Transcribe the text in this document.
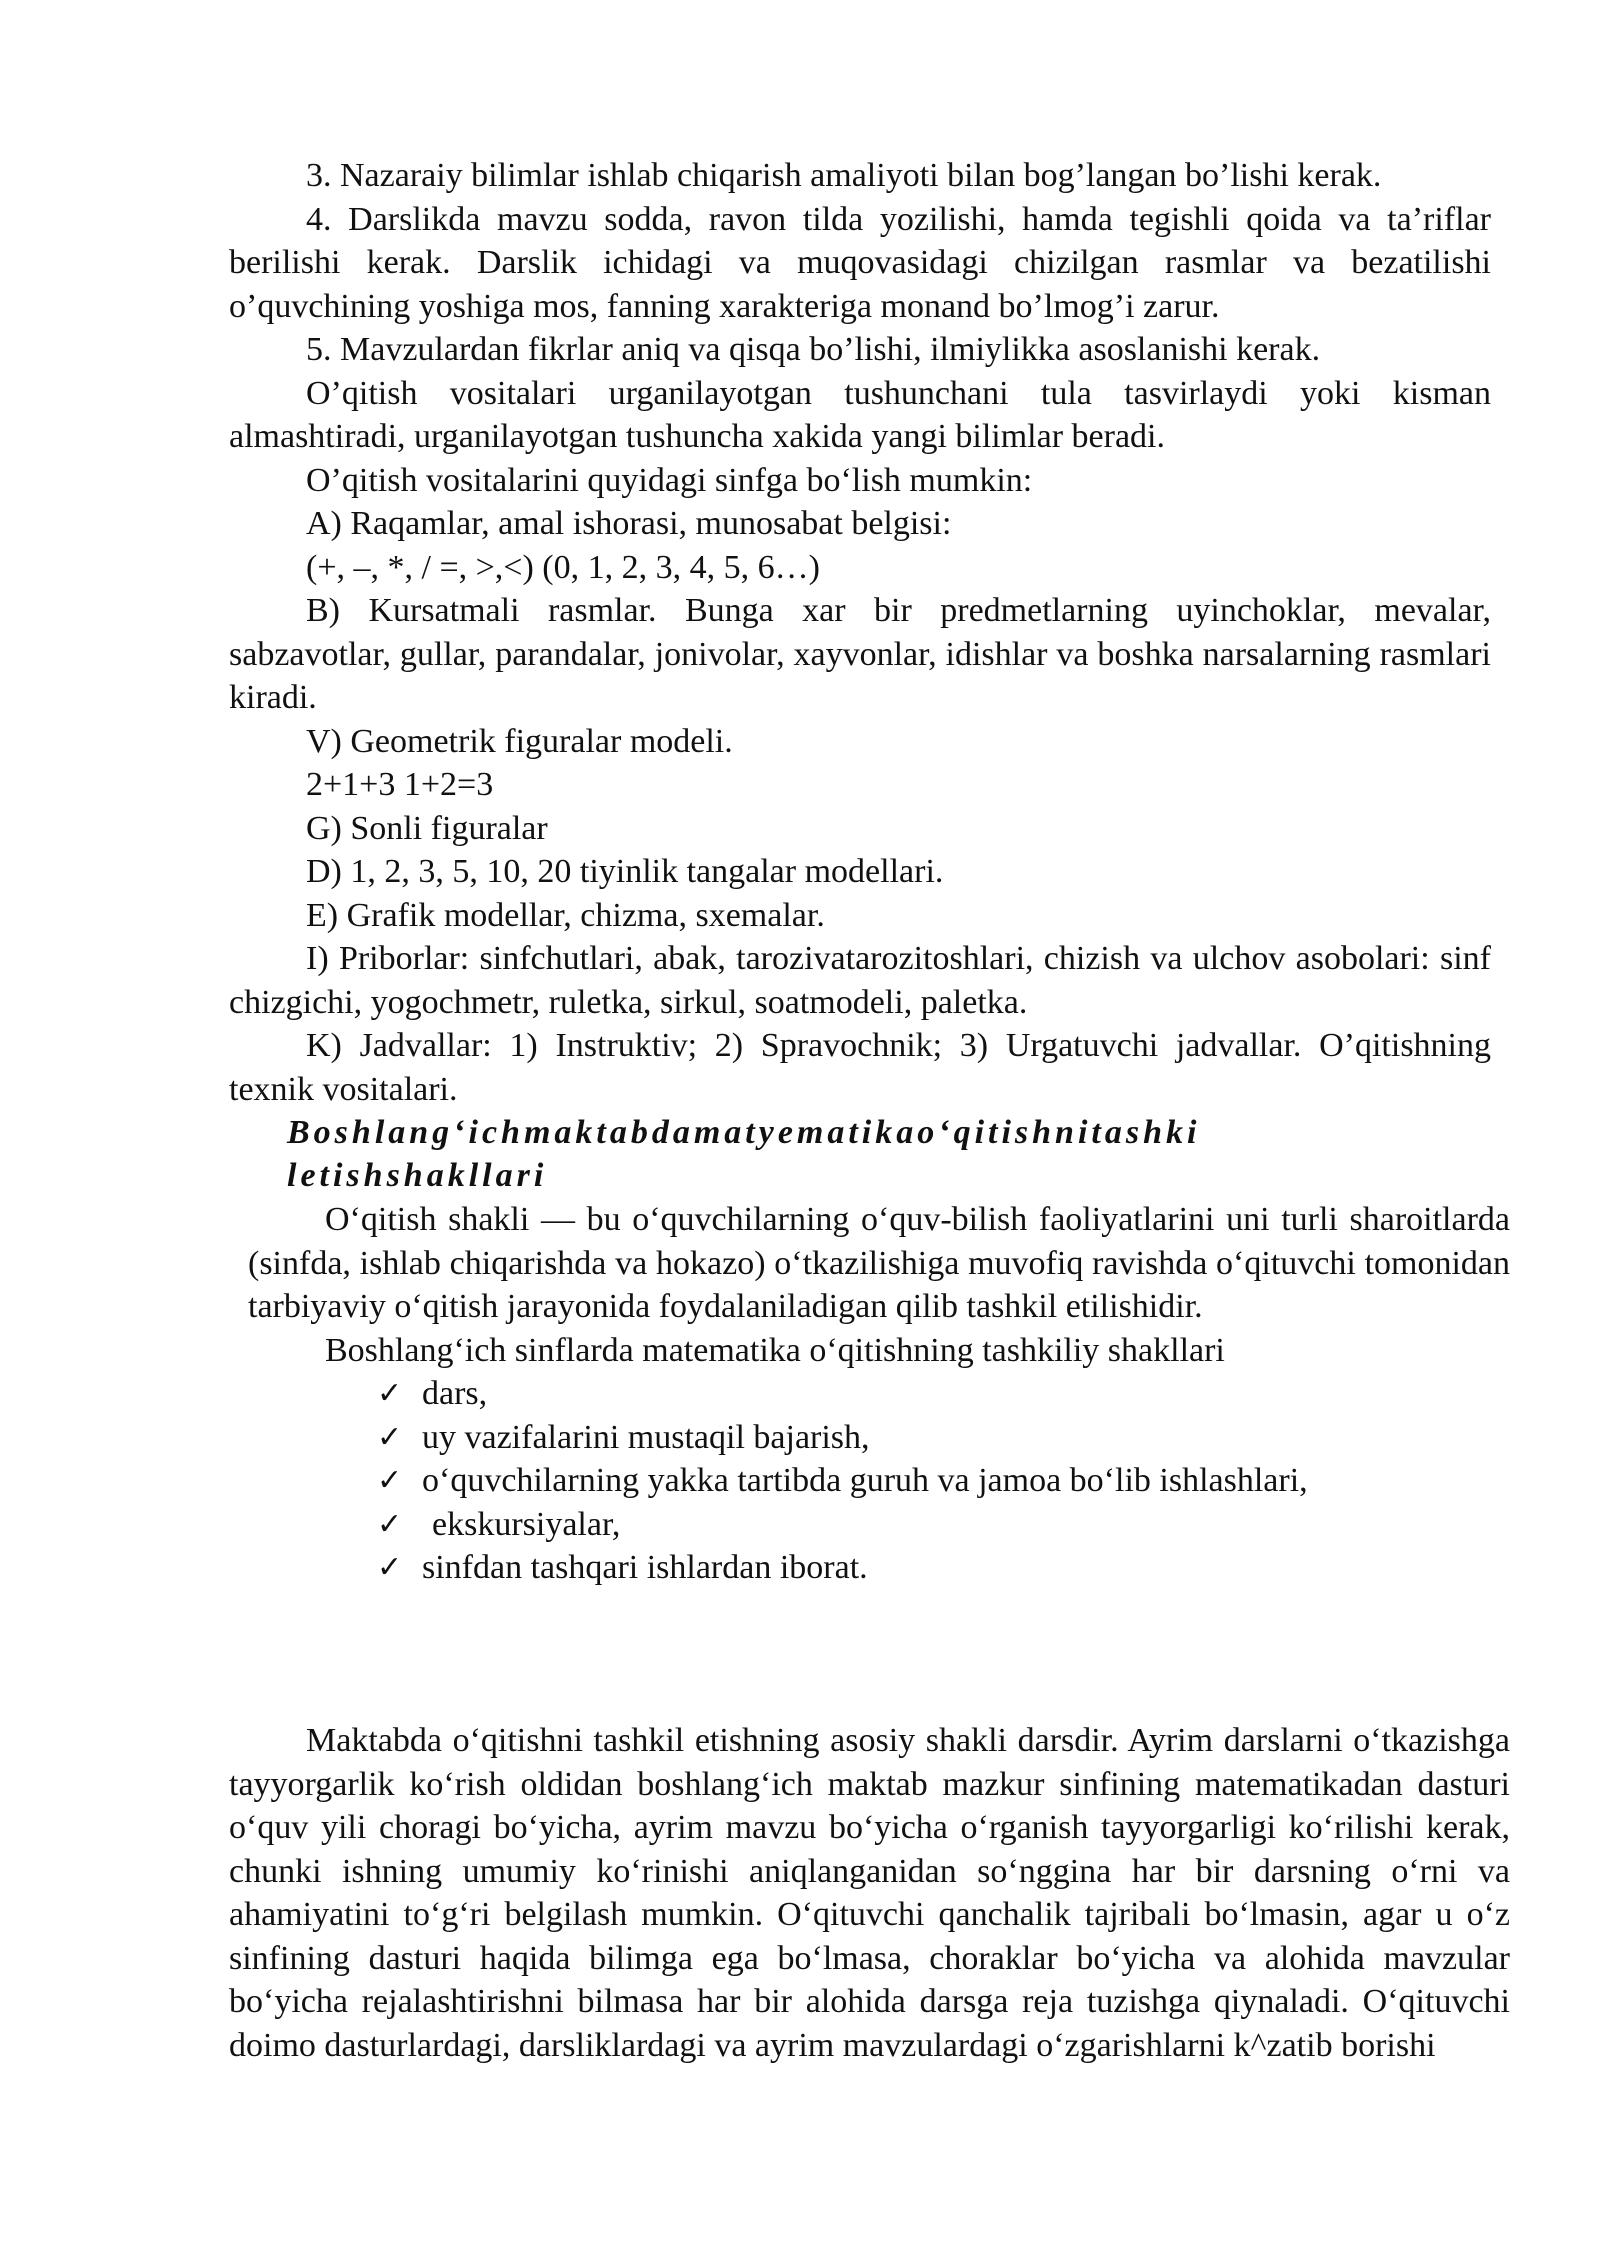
3. Nazaraiy bilimlar ishlab chiqarish amaliyoti bilan bog’langan bo’lishi kerak.

4. Darslikda mavzu sodda, ravon tilda yozilishi, hamda tegishli qoida va ta’riflar berilishi kerak. Darslik ichidagi va muqovasidagi chizilgan rasmlar va bezatilishi o’quvchining yoshiga mos, fanning xarakteriga monand bo’lmog’i zarur.

5. Mavzulardan fikrlar aniq va qisqa bo’lishi, ilmiylikka asoslanishi kerak.

O’qitish vositalari urganilayotgan tushunchani tula tasvirlaydi yoki kisman almashtiradi, urganilayotgan tushuncha xakida yangi bilimlar beradi.

O’qitish vositalarini quyidagi sinfga bo‘lish mumkin:

A) Raqamlar, amal ishorasi, munosabat belgisi:

(+, –, *, / =, >,<) (0, 1, 2, 3, 4, 5, 6…)

B) Kursatmali rasmlar. Bunga xar bir predmetlarning uyinchoklar, mevalar, sabzavotlar, gullar, parandalar, jonivolar, xayvonlar, idishlar va boshka narsalarning rasmlari kiradi.

V) Geometrik figuralar modeli.

2+1+3 1+2=3

G) Sonli figuralar

D) 1, 2, 3, 5, 10, 20 tiyinlik tangalar modellari.

E) Grafik modellar, chizma, sxemalar.

I) Priborlar: sinfchutlari, abak, tarozivatarozitoshlari, chizish va ulchov asobolari: sinf chizgichi, yogochmetr, ruletka, sirkul, soatmodeli, paletka.

K) Jadvallar: 1) Instruktiv; 2) Spravochnik; 3) Urgatuvchi jadvallar. O’qitishning texnik vositalari.

Boshlang‘ichmaktabdamatyematikao‘qitishnitashki
letishshakllari

O‘qitish shakli — bu o‘quvchilarning o‘quv-bilish faoliyatlarini uni turli sharoitlarda (sinfda, ishlab chiqarishda va hokazo) o‘tkazilishiga muvofiq ravishda o‘qituvchi tomonidan tarbiyaviy o‘qitish jarayonida foydalaniladigan qilib tashkil etilishidir.

Boshlang‘ich sinflarda matematika o‘qitishning tashkiliy shakllari

✓ dars,
✓ uy vazifalarini mustaqil bajarish,
✓ o‘quvchilarning yakka tartibda guruh va jamoa bo‘lib ishlashlari,
✓ ekskursiyalar,
✓ sinfdan tashqari ishlardan iborat.

Maktabda o‘qitishni tashkil etishning asosiy shakli darsdir. Ayrim darslarni o‘tkazishga tayyorgarlik ko‘rish oldidan boshlang‘ich maktab mazkur sinfining matematikadan dasturi o‘quv yili choragi bo‘yicha, ayrim mavzu bo‘yicha o‘rganish tayyorgarligi ko‘rilishi kerak, chunki ishning umumiy ko‘rinishi aniqlanganidan so‘nggina har bir darsning o‘rni va ahamiyatini to‘g‘ri belgilash mumkin. O‘qituvchi qanchalik tajribali bo‘lmasin, agar u o‘z sinfining dasturi haqida bilimga ega bo‘lmasa, choraklar bo‘yicha va alohida mavzular bo‘yicha rejalashtirishni bilmasa har bir alohida darsga reja tuzishga qiynaladi. O‘qituvchi doimo dasturlardagi, darsliklardagi va ayrim mavzulardagi o‘zgarishlarni k^zatib borishi
